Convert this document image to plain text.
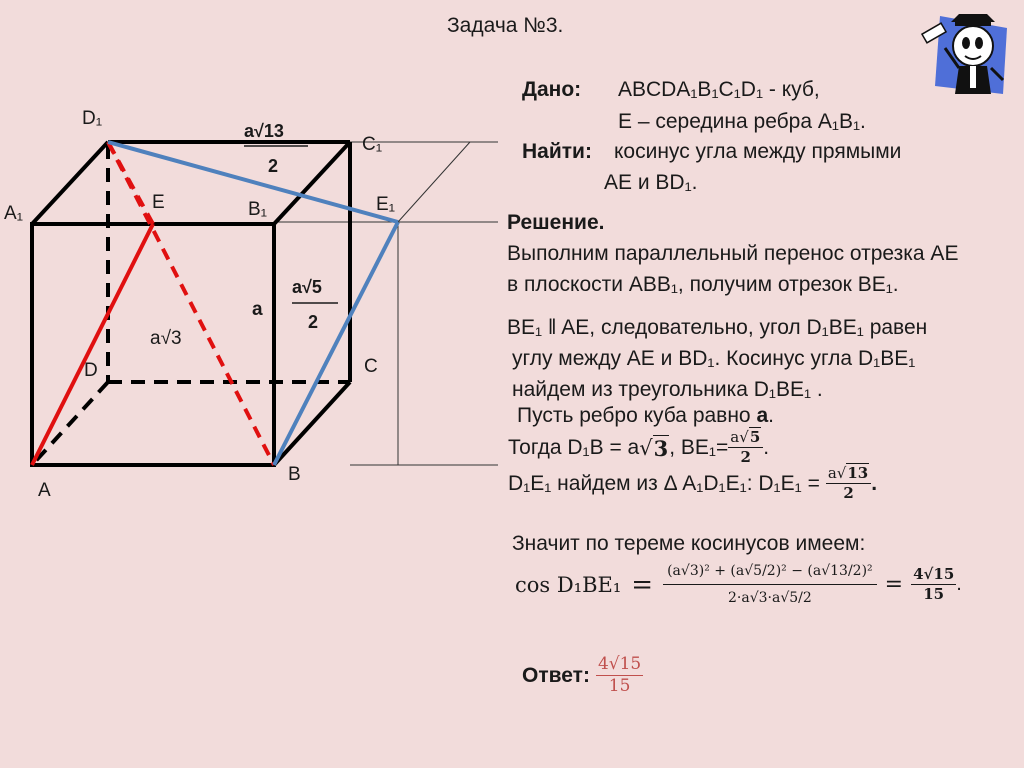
Задача №3.
D₁
C₁
A₁	B₁
E	E₁
D	C
A
B
a
a√3
a√13
2
a√5
2
Дано: ABCDA₁B₁C₁D₁ - куб,
E – середина ребра A₁B₁.
Найти: косинус угла между прямыми
AE и BD₁.
Решение.
Выполним параллельный перенос отрезка AE
в плоскости ABB₁, получим отрезок BE₁.
BE₁ ‖ AE, следовательно, угол D₁BE₁ равен
углу между AE и BD₁. Косинус угла D₁BE₁
найдем из треугольника D₁BE₁ .
Пусть ребро куба равно a.
Тогда D₁B = a √ 3 , $BE_1= \frac{a√5}{2}$ .
D₁E₁ найдем из Δ A₁D₁E₁: $D_1E_1 = \frac{a√13}{2}$ .
Значит по тереме косинусов имеем:
$\cos D_1BE_1 = \frac{\text{(a√3)² + (a√5/2)² − (a√13/2)²}}{2\cdot a√3\cdot a√5/2} = \frac{4√15}{15}$ .
Ответ: $\frac{4√15}{15}$
